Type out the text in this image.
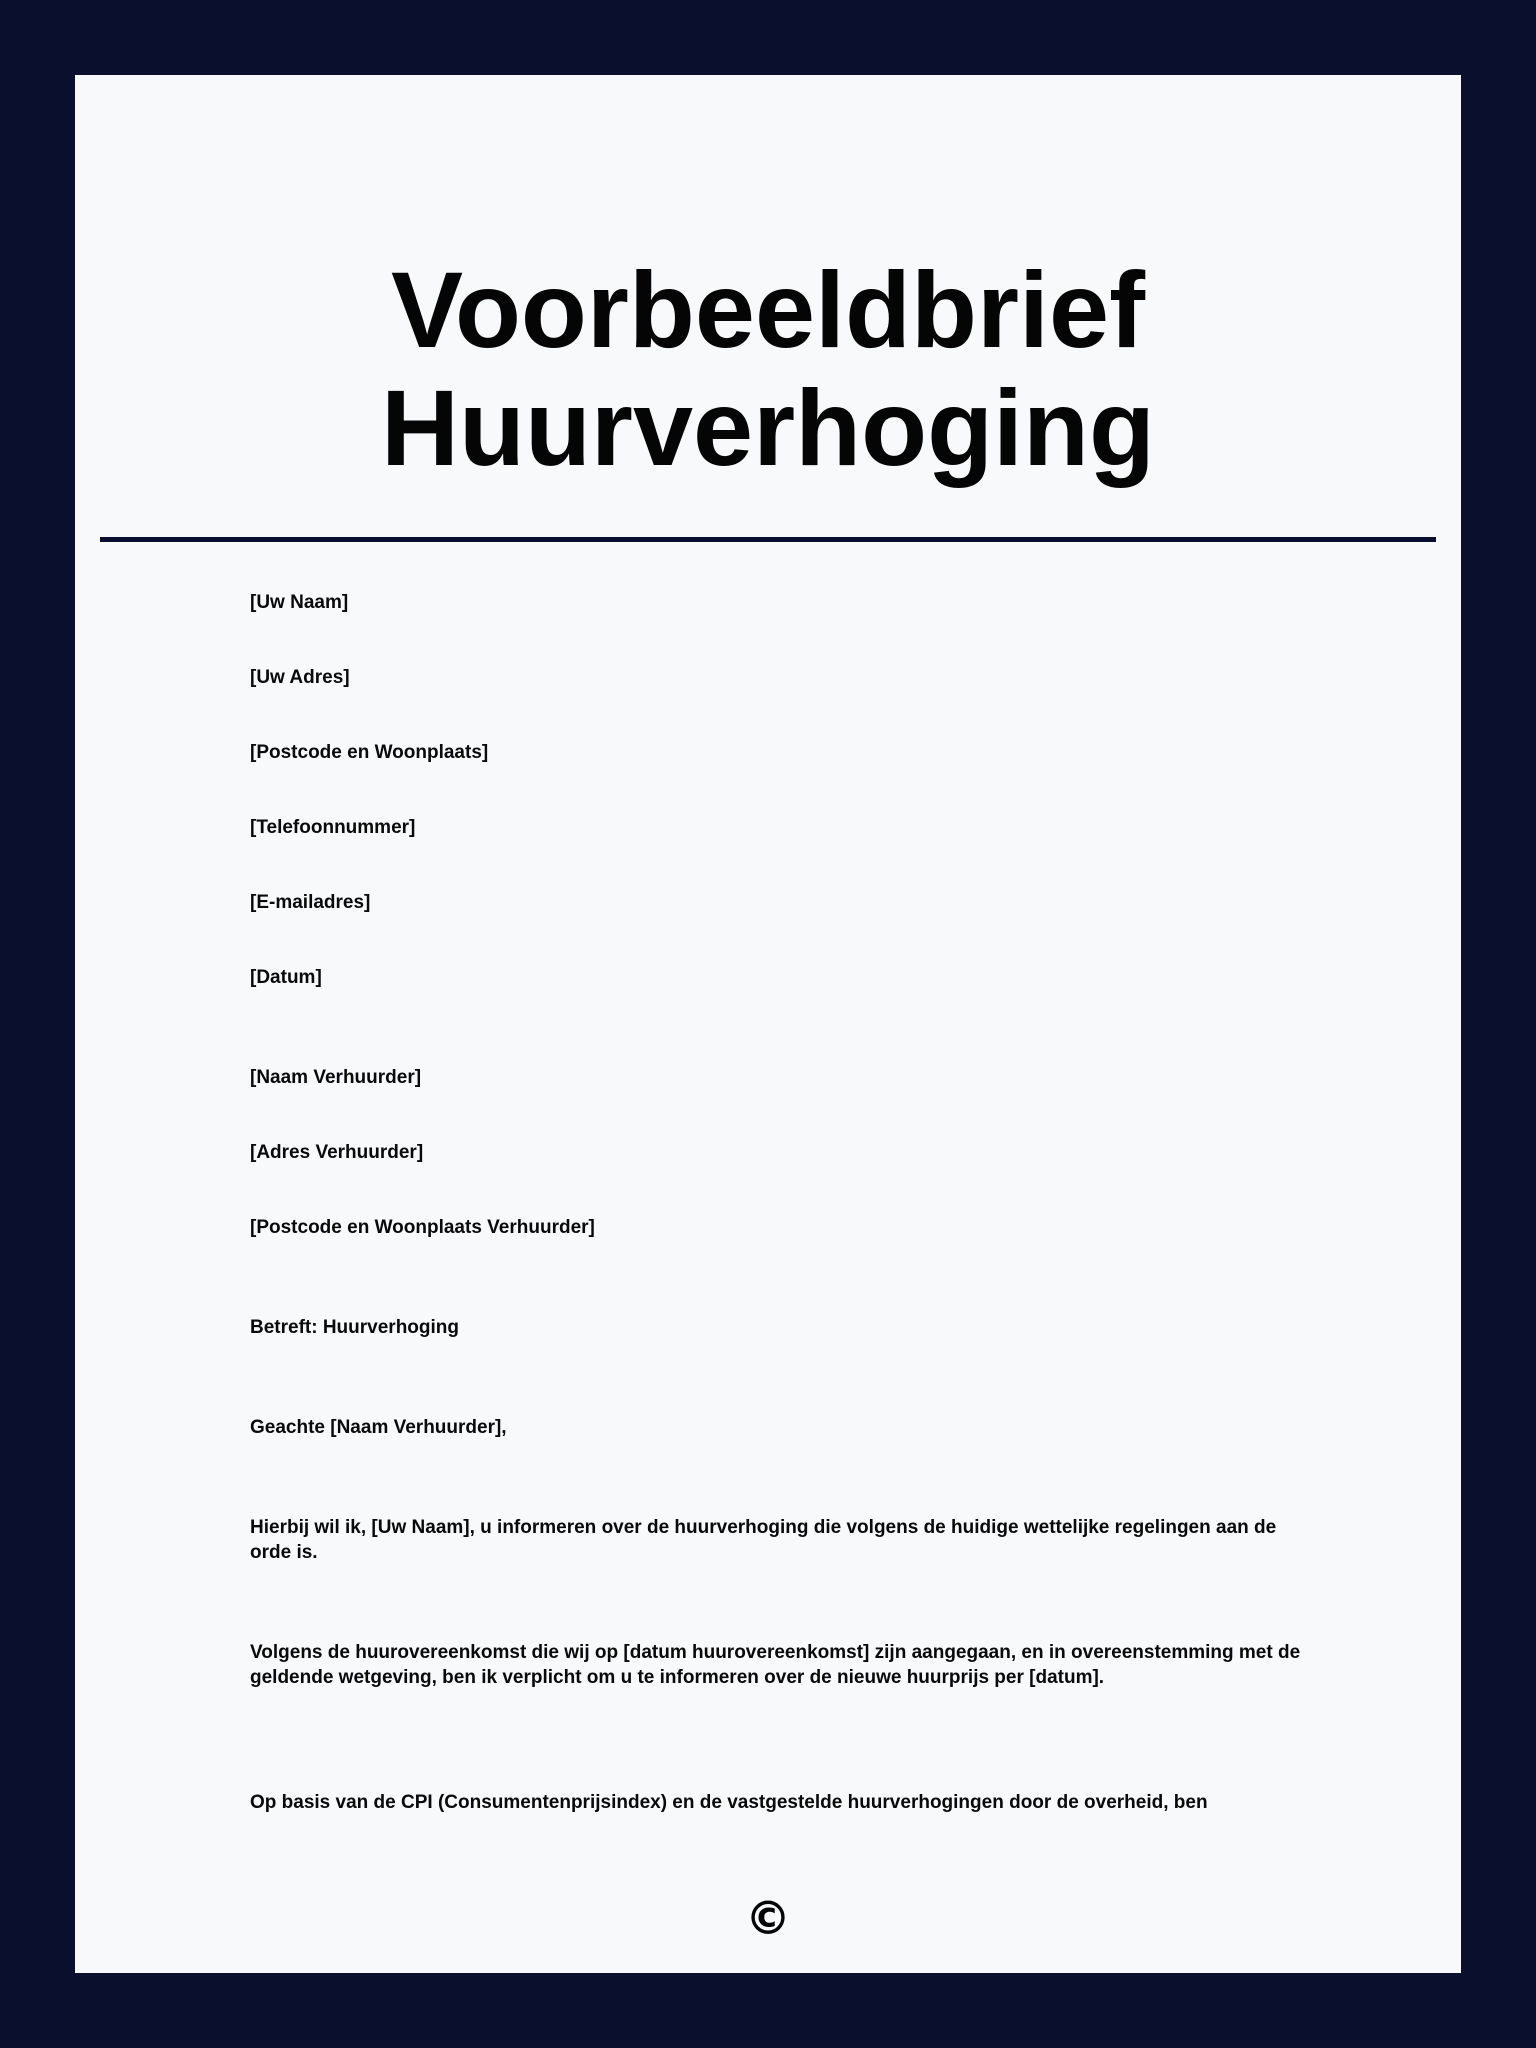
Voorbeeldbrief
Huurverhoging

[Uw Naam]

[Uw Adres]

[Postcode en Woonplaats]

[Telefoonnummer]

[E-mailadres]

[Datum]

[Naam Verhuurder]

[Adres Verhuurder]

[Postcode en Woonplaats Verhuurder]

Betreft: Huurverhoging

Geachte [Naam Verhuurder],

Hierbij wil ik, [Uw Naam], u informeren over de huurverhoging die volgens de huidige wettelijke regelingen aan de orde is.

Volgens de huurovereenkomst die wij op [datum huurovereenkomst] zijn aangegaan, en in overeenstemming met de geldende wetgeving, ben ik verplicht om u te informeren over de nieuwe huurprijs per [datum].

Op basis van de CPI (Consumentenprijsindex) en de vastgestelde huurverhogingen door de overheid, ben

©
